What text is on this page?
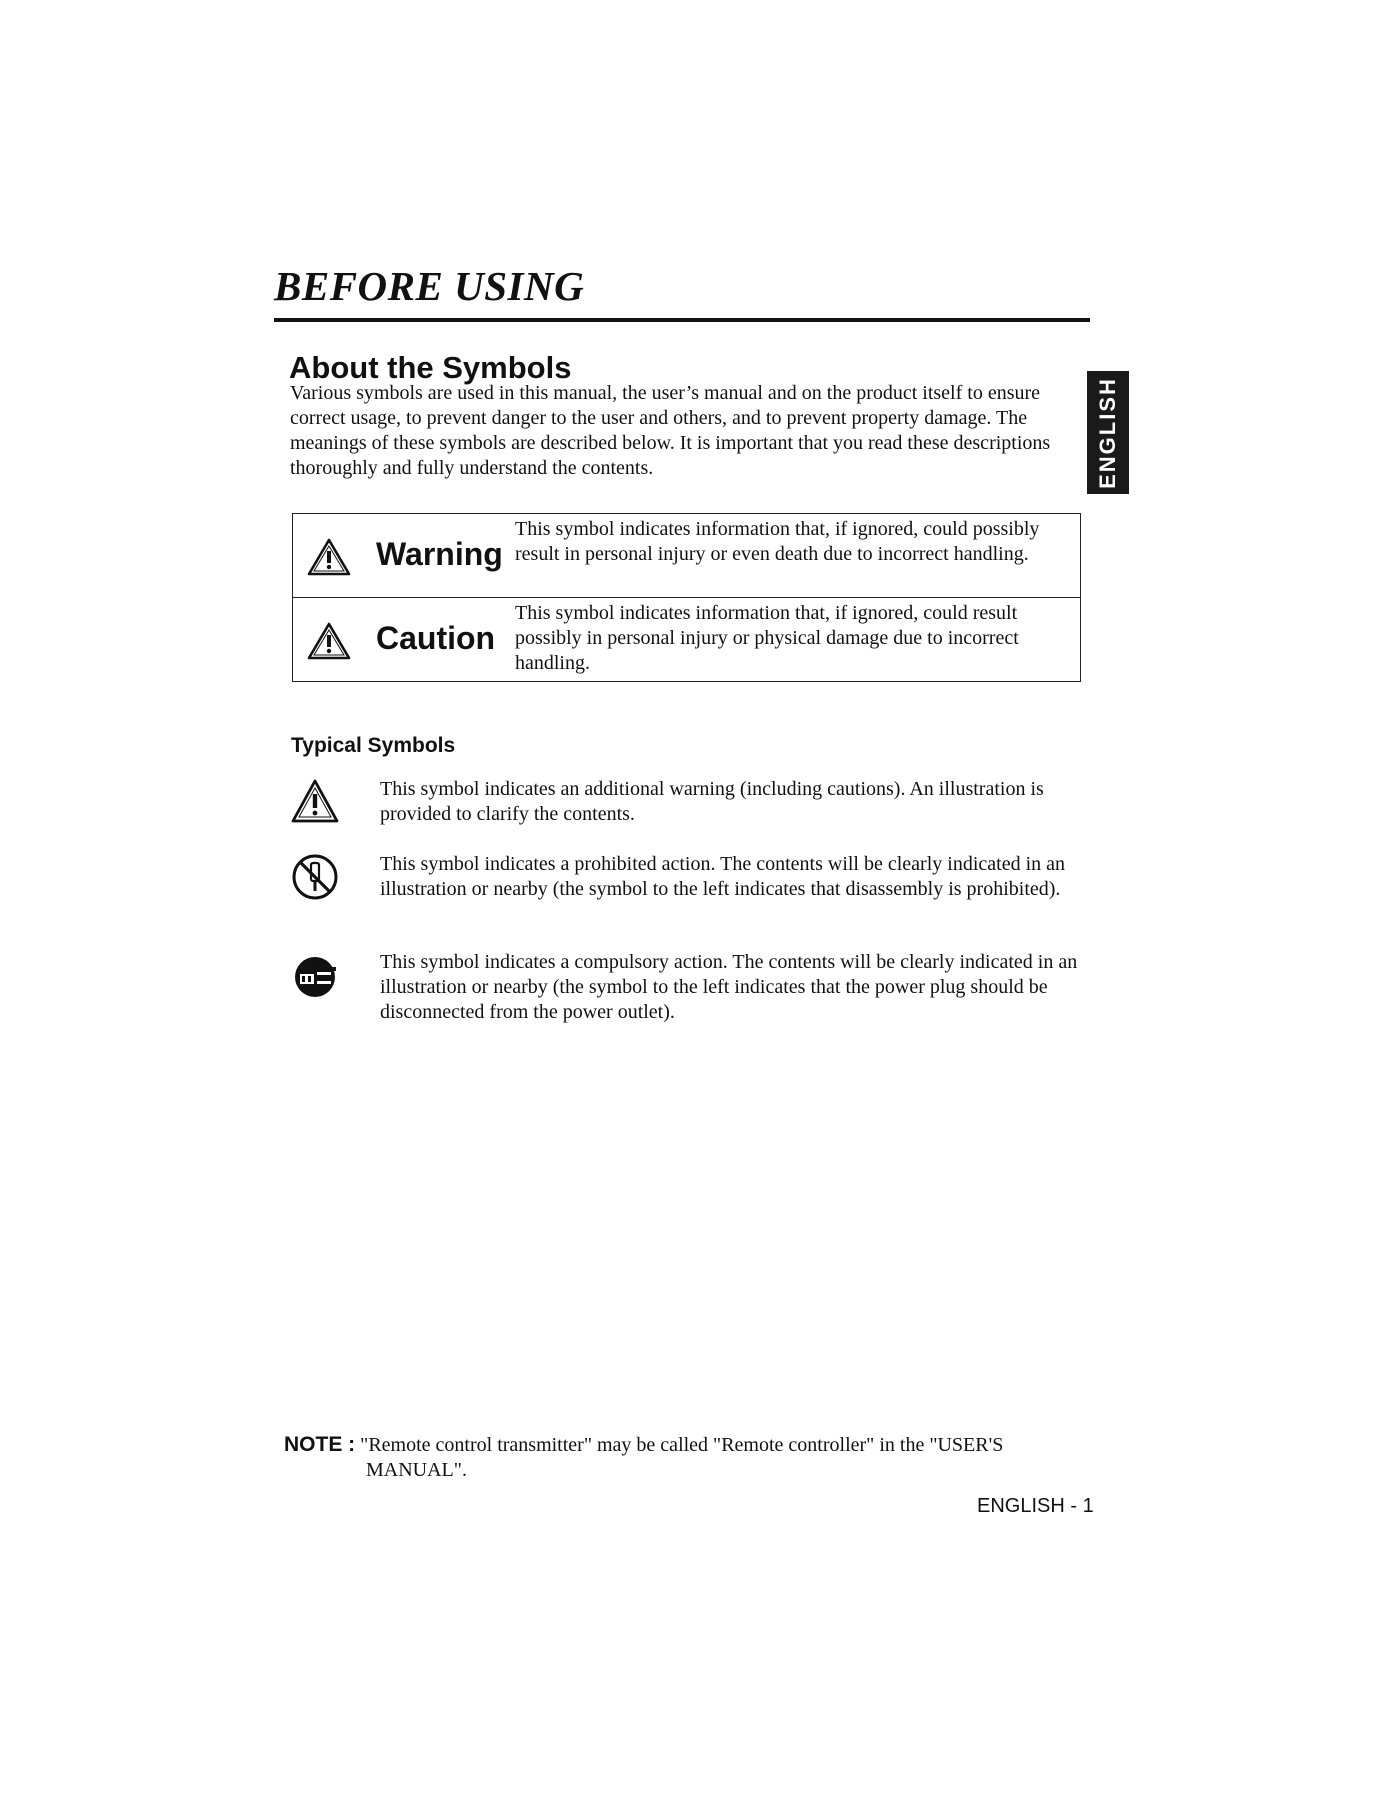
BEFORE USING
ENGLISH
About the Symbols
Various symbols are used in this manual, the user’s manual and on the product itself to ensure correct usage, to prevent danger to the user and others, and to prevent property damage. The meanings of these symbols are described below. It is important that you read these descriptions thoroughly and fully understand the contents.
Warning
This symbol indicates information that, if ignored, could possibly result in personal injury or even death due to incorrect handling.
Caution
This symbol indicates information that, if ignored, could result possibly in personal injury or physical damage due to incorrect handling.
Typical Symbols
This symbol indicates an additional warning (including cautions). An illustration is provided to clarify the contents.
This symbol indicates a prohibited action. The contents will be clearly indicated in an illustration or nearby (the symbol to the left indicates that disassembly is prohibited).
This symbol indicates a compulsory action. The contents will be clearly indicated in an illustration or nearby (the symbol to the left indicates that the power plug should be disconnected from the power outlet).
NOTE : "Remote control transmitter" may be called "Remote controller" in the "USER'S
MANUAL".
ENGLISH - 1
